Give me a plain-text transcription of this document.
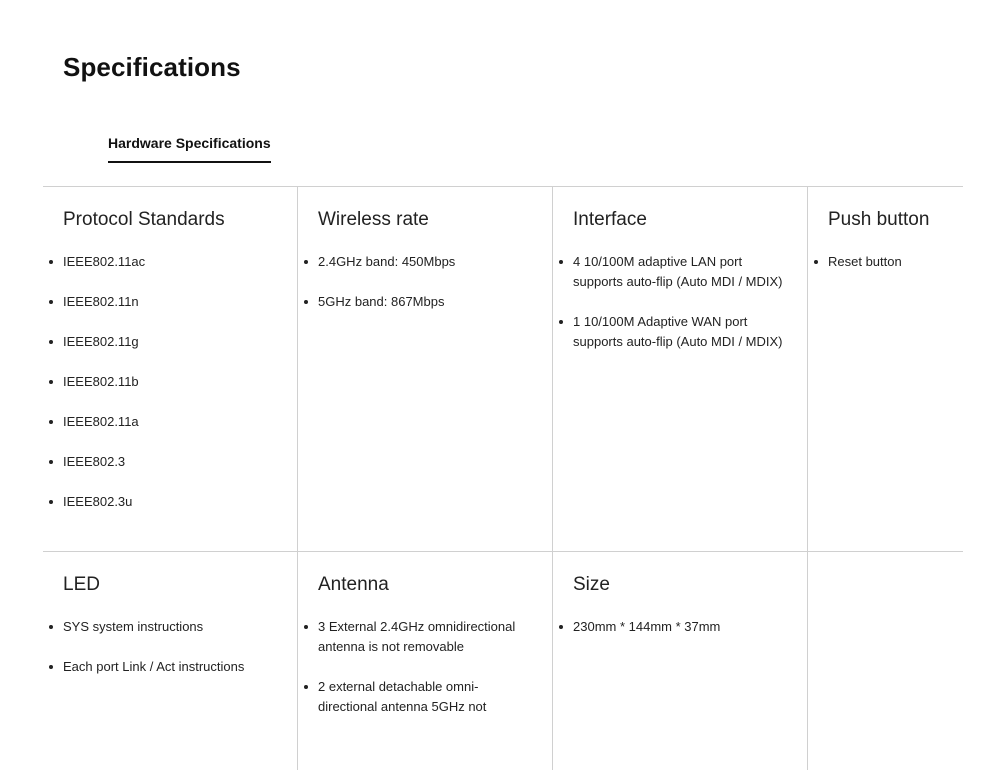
Specifications
Hardware Specifications
Protocol Standards
IEEE802.11ac
IEEE802.11n
IEEE802.11g
IEEE802.11b
IEEE802.11a
IEEE802.3
IEEE802.3u
Wireless rate
2.4GHz band: 450Mbps
5GHz band: 867Mbps
Interface
4 10/100M adaptive LAN port supports auto-flip (Auto MDI / MDIX)
1 10/100M Adaptive WAN port supports auto-flip (Auto MDI / MDIX)
Push button
Reset button
LED
SYS system instructions
Each port Link / Act instructions
Antenna
3 External 2.4GHz omnidirectional antenna is not removable
2 external detachable omni-directional antenna 5GHz not
Size
230mm * 144mm * 37mm
